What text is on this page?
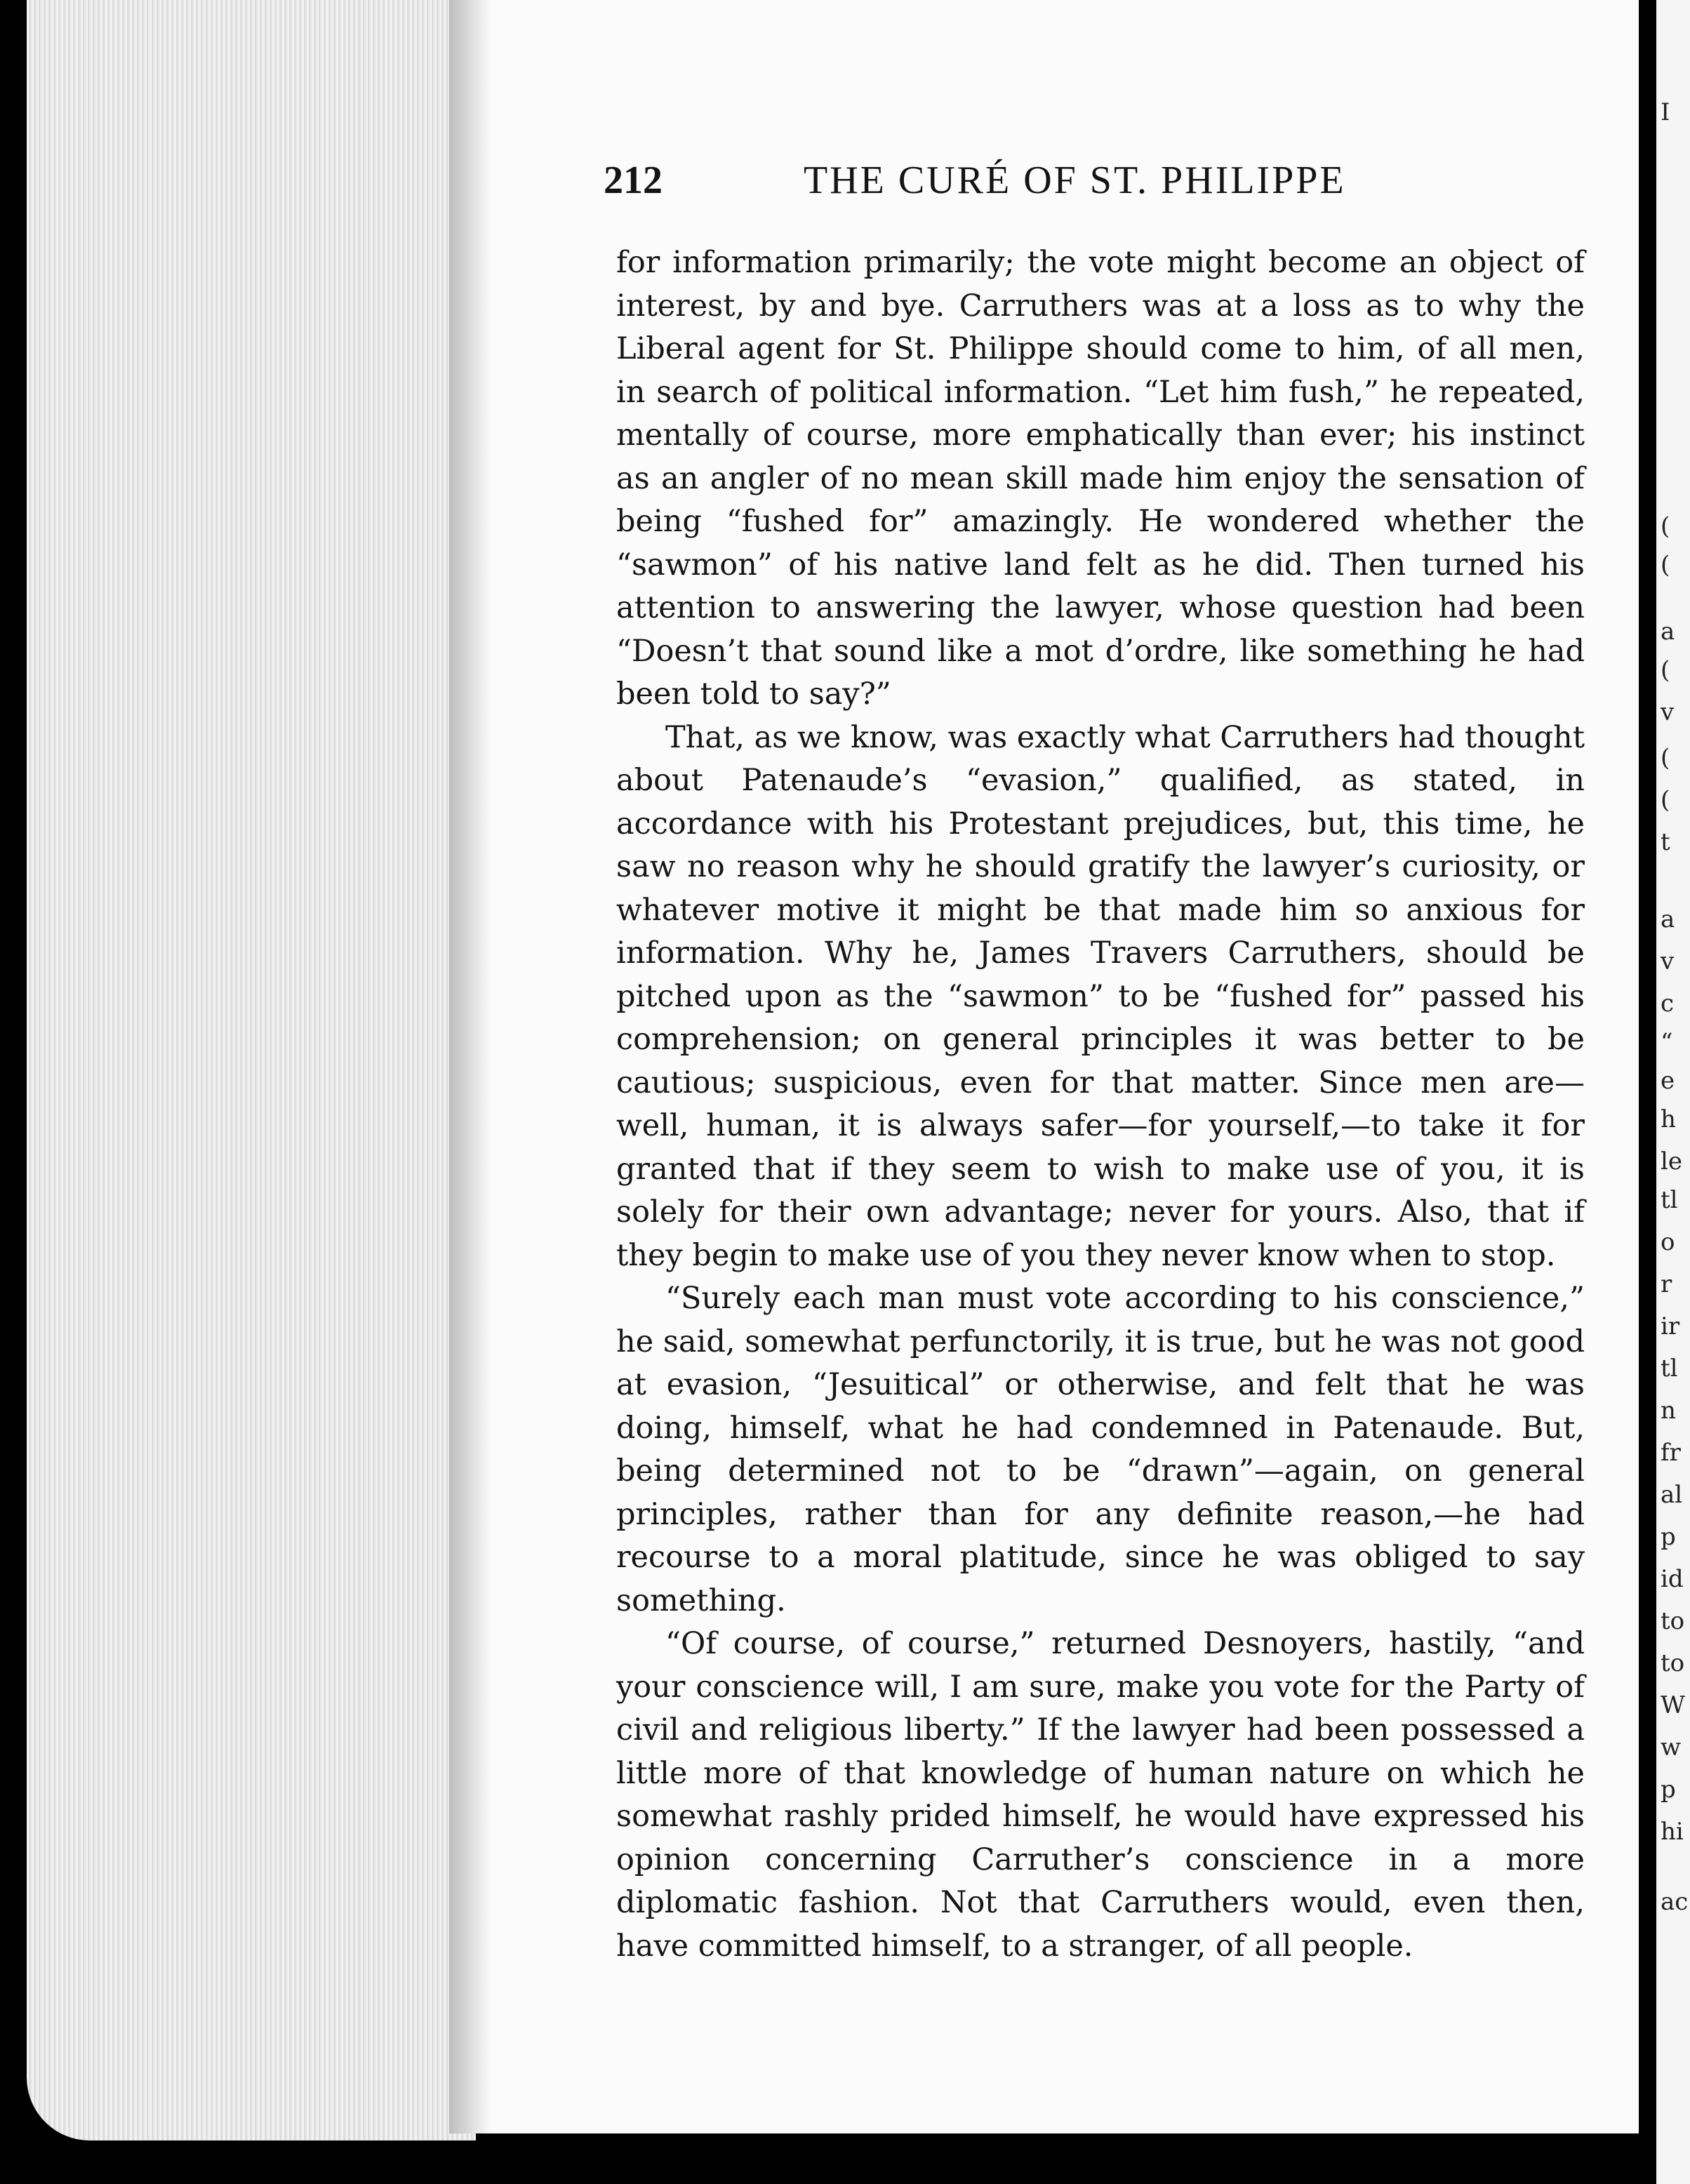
I
(
(
a
(
v
(
(
t
a
v
c
“
e
h
le
tl
o
r
ir
tl
n
fr
al
p
id
to
to
W
w
p
hi
ac
212	THE CURÉ OF ST. PHILIPPE

for information primarily; the vote might become an object of interest, by and bye. Carruthers was at a loss as to why the Liberal agent for St. Philippe should come to him, of all men, in search of political information. “Let him fush,” he repeated, mentally of course, more emphatically than ever; his instinct as an angler of no mean skill made him enjoy the sensation of being “fushed for” amazingly. He wondered whether the “sawmon” of his native land felt as he did. Then turned his attention to answering the lawyer, whose question had been “Doesn’t that sound like a mot d’ordre, like something he had been told to say?”

That, as we know, was exactly what Carruthers had thought about Patenaude’s “evasion,” qualified, as stated, in accordance with his Protestant prejudices, but, this time, he saw no reason why he should gratify the lawyer’s curiosity, or whatever motive it might be that made him so anxious for information. Why he, James Travers Carruthers, should be pitched upon as the “sawmon” to be “fushed for” passed his comprehension; on general principles it was better to be cautious; suspicious, even for that matter. Since men are—well, human, it is always safer—for yourself,—to take it for granted that if they seem to wish to make use of you, it is solely for their own advantage; never for yours. Also, that if they begin to make use of you they never know when to stop.

“Surely each man must vote according to his conscience,” he said, somewhat perfunctorily, it is true, but he was not good at evasion, “Jesuitical” or otherwise, and felt that he was doing, himself, what he had condemned in Patenaude. But, being determined not to be “drawn”—again, on general principles, rather than for any definite reason,—he had recourse to a moral platitude, since he was obliged to say something.

“Of course, of course,” returned Desnoyers, hastily, “and your conscience will, I am sure, make you vote for the Party of civil and religious liberty.” If the lawyer had been possessed a little more of that knowledge of human nature on which he somewhat rashly prided himself, he would have expressed his opinion concerning Carruther’s conscience in a more diplomatic fashion. Not that Carruthers would, even then, have committed himself, to a stranger, of all people.
